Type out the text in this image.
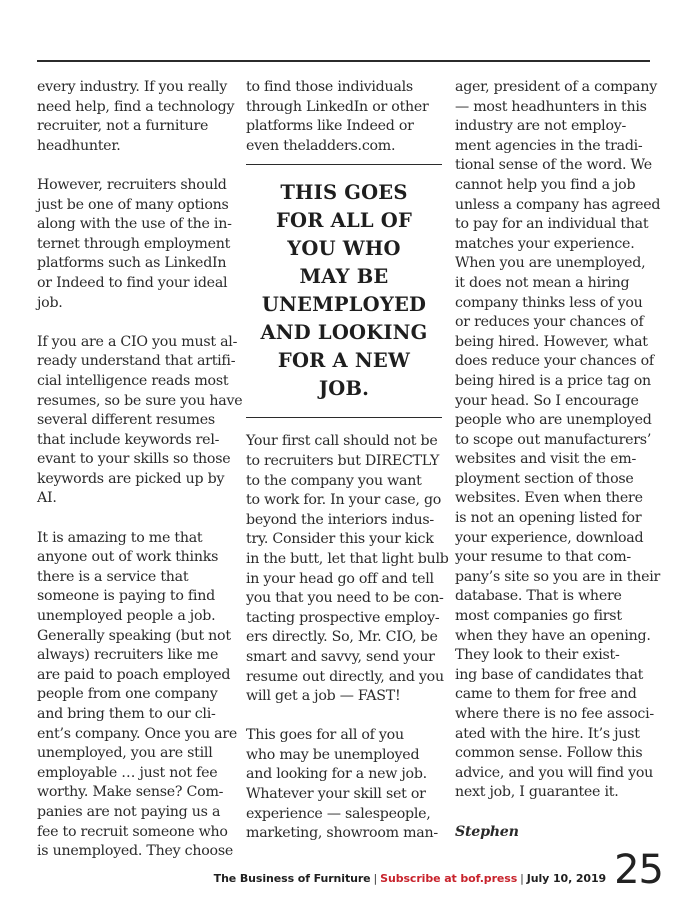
every industry. If you really
need help, find a technology
recruiter, not a furniture
headhunter.

However, recruiters should
just be one of many options
along with the use of the in-
ternet through employment
platforms such as LinkedIn
or Indeed to find your ideal
job.

If you are a CIO you must al-
ready understand that artifi-
cial intelligence reads most
resumes, so be sure you have
several different resumes
that include keywords rel-
evant to your skills so those
keywords are picked up by
AI.

It is amazing to me that
anyone out of work thinks
there is a service that
someone is paying to find
unemployed people a job.
Generally speaking (but not
always) recruiters like me
are paid to poach employed
people from one company
and bring them to our cli-
ent’s company. Once you are
unemployed, you are still
employable … just not fee
worthy. Make sense? Com-
panies are not paying us a
fee to recruit someone who
is unemployed. They choose

to find those individuals
through LinkedIn or other
platforms like Indeed or
even theladders.com.

THIS GOES
FOR ALL OF
YOU WHO
MAY BE
UNEMPLOYED
AND LOOKING
FOR A NEW
JOB.

Your first call should not be
to recruiters but DIRECTLY
to the company you want
to work for. In your case, go
beyond the interiors indus-
try. Consider this your kick
in the butt, let that light bulb
in your head go off and tell
you that you need to be con-
tacting prospective employ-
ers directly. So, Mr. CIO, be
smart and savvy, send your
resume out directly, and you
will get a job — FAST!

This goes for all of you
who may be unemployed
and looking for a new job.
Whatever your skill set or
experience — salespeople,
marketing, showroom man-

ager, president of a company
— most headhunters in this
industry are not employ-
ment agencies in the tradi-
tional sense of the word. We
cannot help you find a job
unless a company has agreed
to pay for an individual that
matches your experience.
When you are unemployed,
it does not mean a hiring
company thinks less of you
or reduces your chances of
being hired. However, what
does reduce your chances of
being hired is a price tag on
your head. So I encourage
people who are unemployed
to scope out manufacturers’
websites and visit the em-
ployment section of those
websites. Even when there
is not an opening listed for
your experience, download
your resume to that com-
pany’s site so you are in their
database. That is where
most companies go first
when they have an opening.
They look to their exist-
ing base of candidates that
came to them for free and
where there is no fee associ-
ated with the hire. It’s just
common sense. Follow this
advice, and you will find you
next job, I guarantee it.

Stephen

The Business of Furniture | Subscribe at bof.press | July 10, 2019 25
